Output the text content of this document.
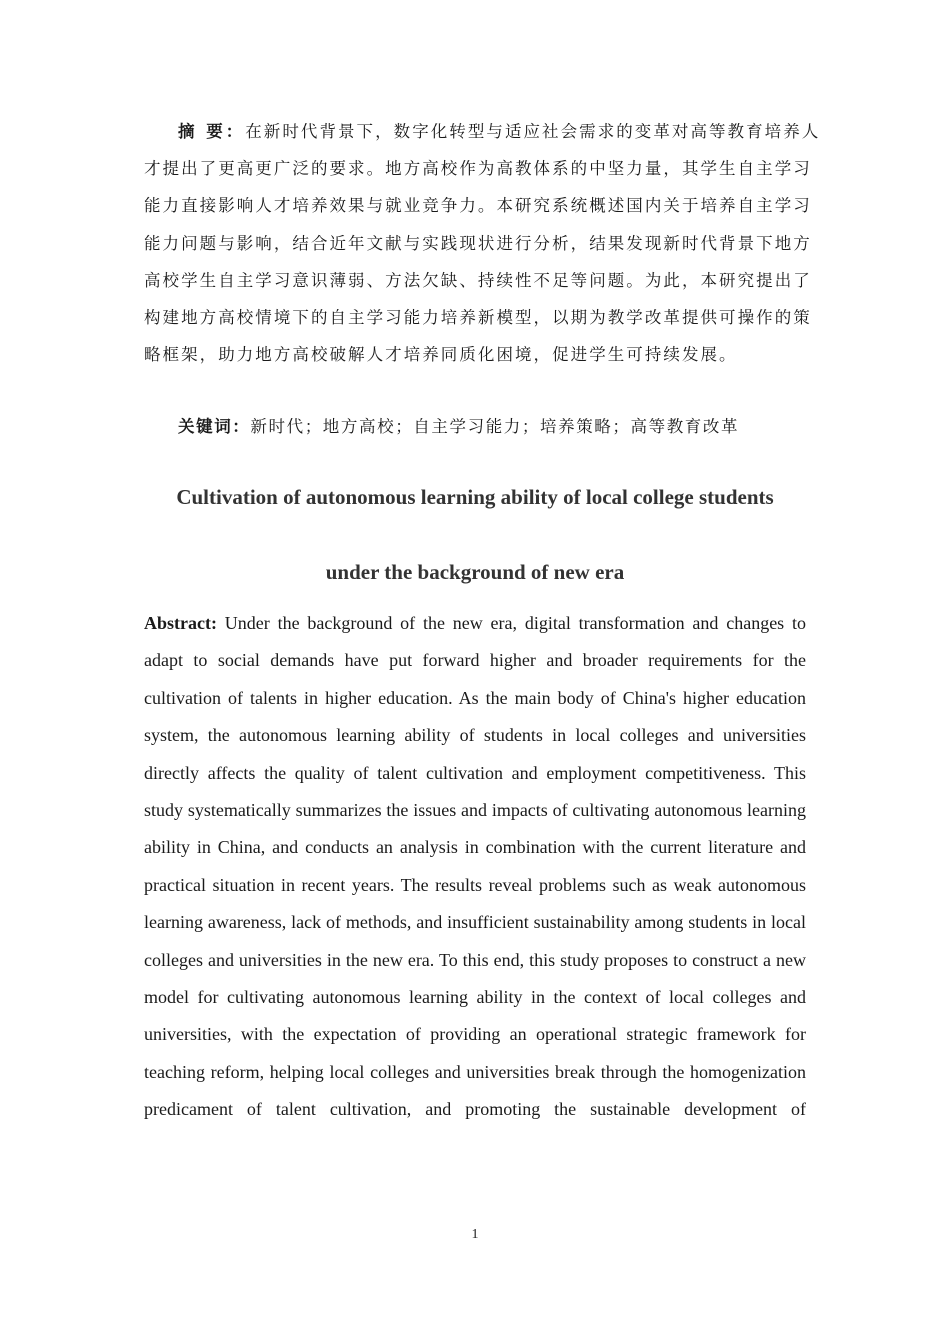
摘 要：在新时代背景下，数字化转型与适应社会需求的变革对高等教育培养人才提出了更高更广泛的要求。地方高校作为高教体系的中坚力量，其学生自主学习能力直接影响人才培养效果与就业竞争力。本研究系统概述国内关于培养自主学习能力问题与影响，结合近年文献与实践现状进行分析，结果发现新时代背景下地方高校学生自主学习意识薄弱、方法欠缺、持续性不足等问题。为此，本研究提出了构建地方高校情境下的自主学习能力培养新模型，以期为教学改革提供可操作的策略框架，助力地方高校破解人才培养同质化困境，促进学生可持续发展。

关键词：新时代；地方高校；自主学习能力；培养策略；高等教育改革

Cultivation of autonomous learning ability of local college students
under the background of new era

Abstract: Under the background of the new era, digital transformation and changes to adapt to social demands have put forward higher and broader requirements for the cultivation of talents in higher education. As the main body of China's higher education system, the autonomous learning ability of students in local colleges and universities directly affects the quality of talent cultivation and employment competitiveness. This study systematically summarizes the issues and impacts of cultivating autonomous learning ability in China, and conducts an analysis in combination with the current literature and practical situation in recent years. The results reveal problems such as weak autonomous learning awareness, lack of methods, and insufficient sustainability among students in local colleges and universities in the new era. To this end, this study proposes to construct a new model for cultivating autonomous learning ability in the context of local colleges and universities, with the expectation of providing an operational strategic framework for teaching reform, helping local colleges and universities break through the homogenization predicament of talent cultivation, and promoting the sustainable development of

1
